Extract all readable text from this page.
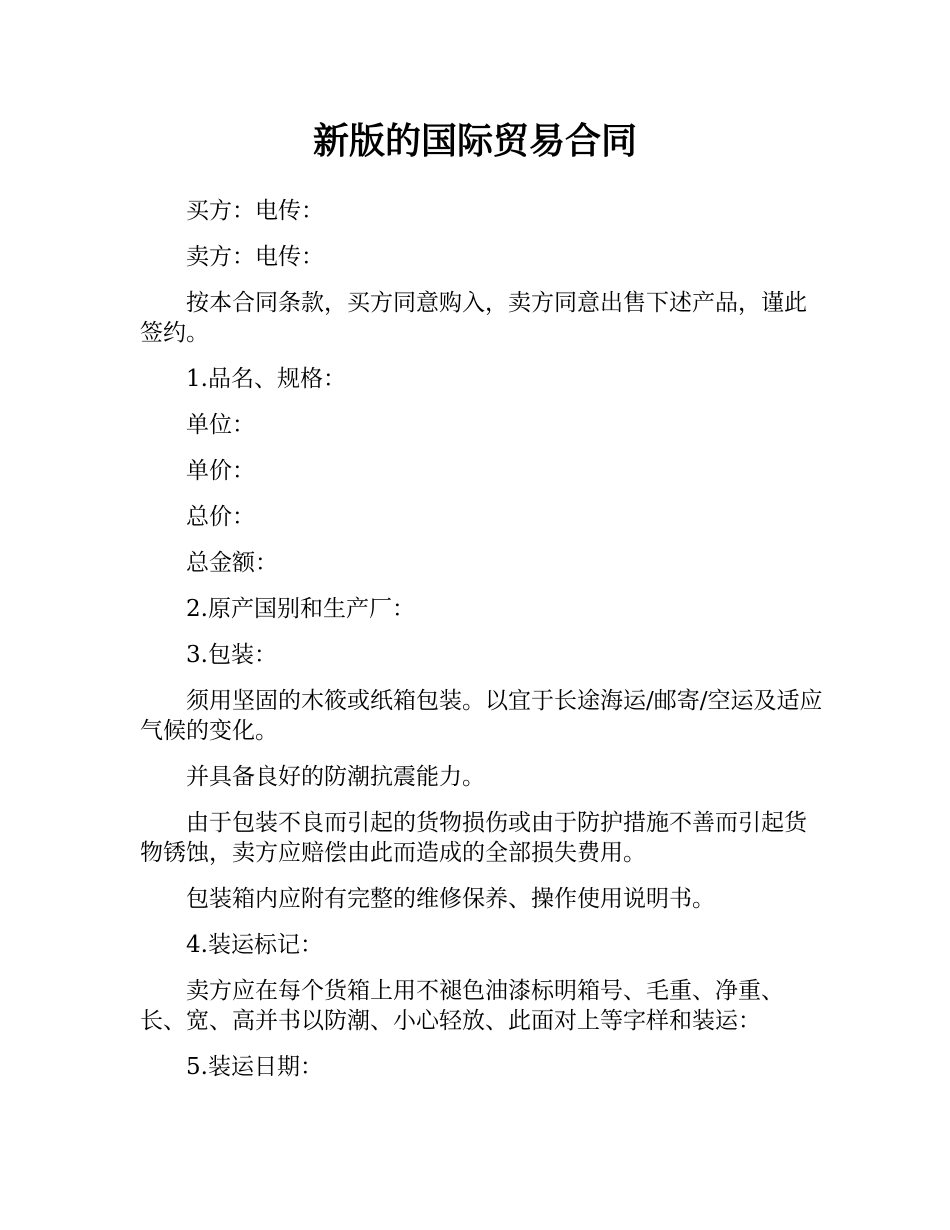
新版的国际贸易合同

买方：电传：

卖方：电传：

按本合同条款，买方同意购入，卖方同意出售下述产品，谨此签约。

1.品名、规格：

单位：

单价：

总价：

总金额：

2.原产国别和生产厂：

3.包装：

须用坚固的木筱或纸箱包装。以宜于长途海运/邮寄/空运及适应气候的变化。

并具备良好的防潮抗震能力。

由于包装不良而引起的货物损伤或由于防护措施不善而引起货物锈蚀，卖方应赔偿由此而造成的全部损失费用。

包装箱内应附有完整的维修保养、操作使用说明书。

4.装运标记：

卖方应在每个货箱上用不褪色油漆标明箱号、毛重、净重、长、宽、高并书以防潮、小心轻放、此面对上等字样和装运：

5.装运日期：
